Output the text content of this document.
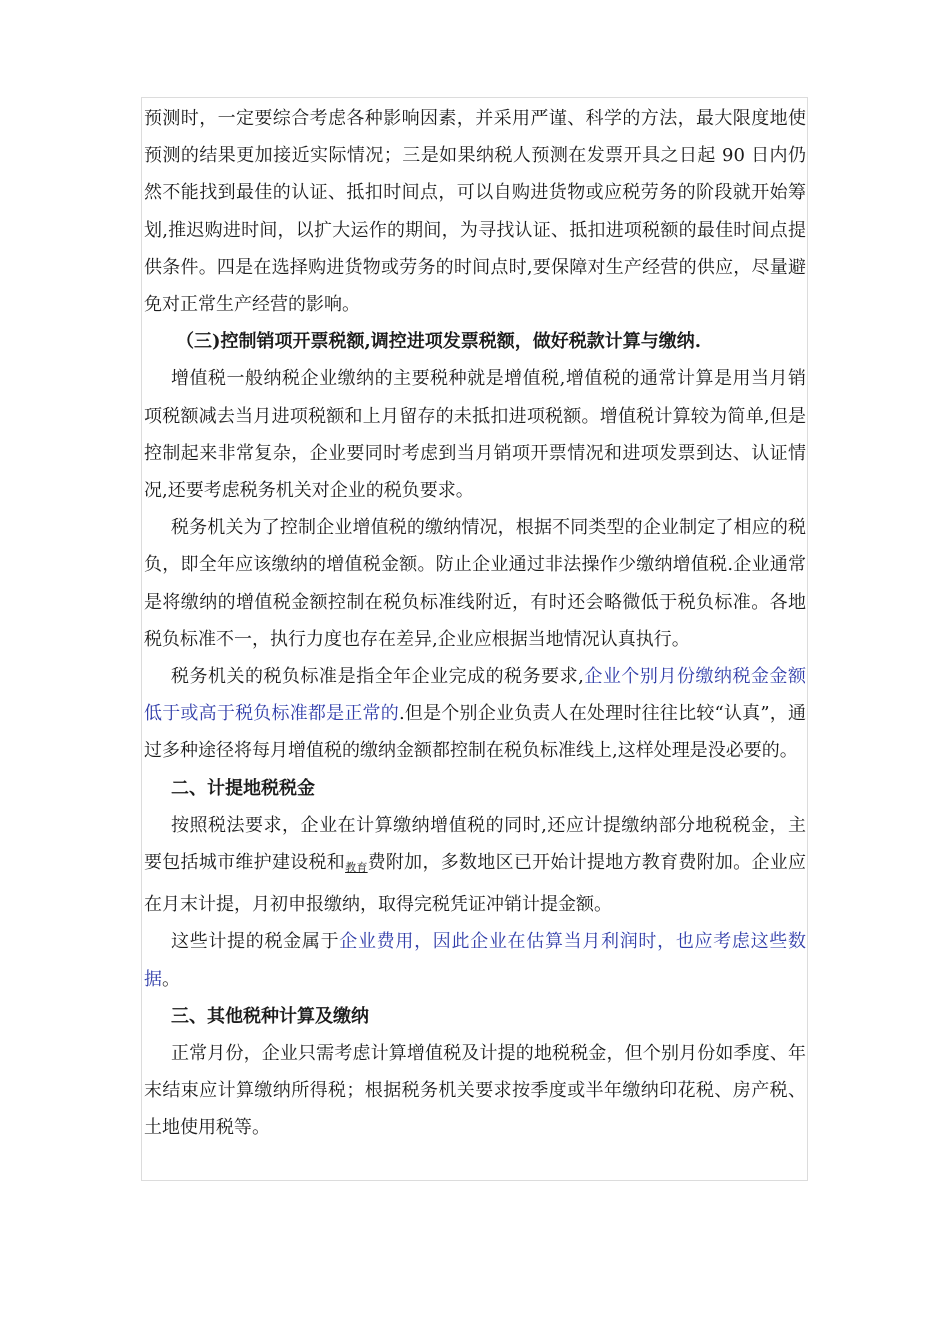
预测时，一定要综合考虑各种影响因素，并采用严谨、科学的方法，最大限度地使预测的结果更加接近实际情况；三是如果纳税人预测在发票开具之日起 90 日内仍然不能找到最佳的认证、抵扣时间点，可以自购进货物或应税劳务的阶段就开始筹划,推迟购进时间，以扩大运作的期间，为寻找认证、抵扣进项税额的最佳时间点提供条件。四是在选择购进货物或劳务的时间点时,要保障对生产经营的供应，尽量避免对正常生产经营的影响。

（三)控制销项开票税额,调控进项发票税额，做好税款计算与缴纳.

增值税一般纳税企业缴纳的主要税种就是增值税,增值税的通常计算是用当月销项税额减去当月进项税额和上月留存的未抵扣进项税额。增值税计算较为简单,但是控制起来非常复杂，企业要同时考虑到当月销项开票情况和进项发票到达、认证情况,还要考虑税务机关对企业的税负要求。

税务机关为了控制企业增值税的缴纳情况，根据不同类型的企业制定了相应的税负，即全年应该缴纳的增值税金额。防止企业通过非法操作少缴纳增值税.企业通常是将缴纳的增值税金额控制在税负标准线附近，有时还会略微低于税负标准。各地税负标准不一，执行力度也存在差异,企业应根据当地情况认真执行。

税务机关的税负标准是指全年企业完成的税务要求,企业个别月份缴纳税金金额低于或高于税负标准都是正常的.但是个别企业负责人在处理时往往比较“认真”，通过多种途径将每月增值税的缴纳金额都控制在税负标准线上,这样处理是没必要的。

二、计提地税税金

按照税法要求，企业在计算缴纳增值税的同时,还应计提缴纳部分地税税金，主要包括城市维护建设税和教育费附加，多数地区已开始计提地方教育费附加。企业应在月末计提，月初申报缴纳，取得完税凭证冲销计提金额。

这些计提的税金属于企业费用，因此企业在估算当月利润时，也应考虑这些数据。

三、其他税种计算及缴纳

正常月份，企业只需考虑计算增值税及计提的地税税金，但个别月份如季度、年末结束应计算缴纳所得税；根据税务机关要求按季度或半年缴纳印花税、房产税、土地使用税等。
